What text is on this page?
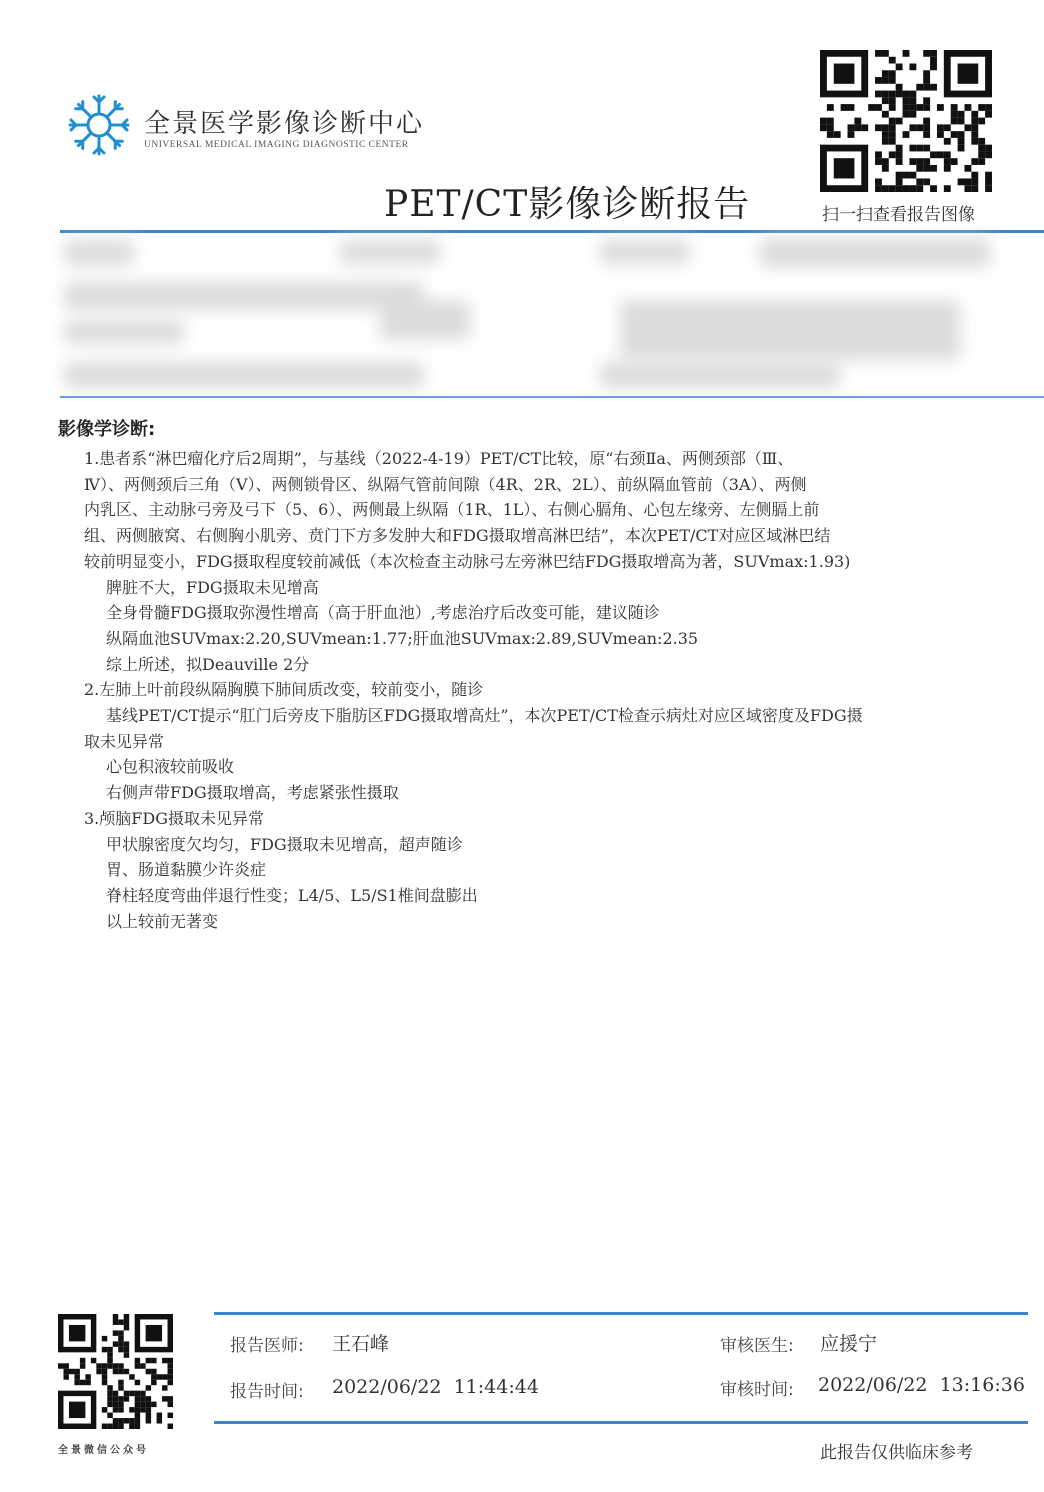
全景医学影像诊断中心
UNIVERSAL MEDICAL IMAGING DIAGNOSTIC CENTER
PET/CT影像诊断报告	扫一扫查看报告图像
影像学诊断:
1.患者系“淋巴瘤化疗后2周期”，与基线（2022-4-19）PET/CT比较，原“右颈Ⅱa、两侧颈部（Ⅲ、
Ⅳ）、两侧颈后三角（Ⅴ）、两侧锁骨区、纵隔气管前间隙（4R、2R、2L）、前纵隔血管前（3A）、两侧
内乳区、主动脉弓旁及弓下（5、6）、两侧最上纵隔（1R、1L）、右侧心膈角、心包左缘旁、左侧膈上前
组、两侧腋窝、右侧胸小肌旁、贲门下方多发肿大和FDG摄取增高淋巴结”，本次PET/CT对应区域淋巴结
较前明显变小，FDG摄取程度较前减低（本次检查主动脉弓左旁淋巴结FDG摄取增高为著，SUVmax:1.93)
脾脏不大，FDG摄取未见增高
全身骨髓FDG摄取弥漫性增高（高于肝血池）,考虑治疗后改变可能，建议随诊
纵隔血池SUVmax:2.20,SUVmean:1.77;肝血池SUVmax:2.89,SUVmean:2.35
综上所述，拟Deauville 2分
2.左肺上叶前段纵隔胸膜下肺间质改变，较前变小，随诊
基线PET/CT提示“肛门后旁皮下脂肪区FDG摄取增高灶”，本次PET/CT检查示病灶对应区域密度及FDG摄
取未见异常
心包积液较前吸收
右侧声带FDG摄取增高，考虑紧张性摄取
3.颅脑FDG摄取未见异常
甲状腺密度欠均匀，FDG摄取未见增高，超声随诊
胃、肠道黏膜少许炎症
脊柱轻度弯曲伴退行性变；L4/5、L5/S1椎间盘膨出
以上较前无著变
全景微信公众号
报告医师: 王石峰	审核医生: 应援宁
报告时间: 2022/06/22  11:44:44	审核时间: 2022/06/22  13:16:36
此报告仅供临床参考
